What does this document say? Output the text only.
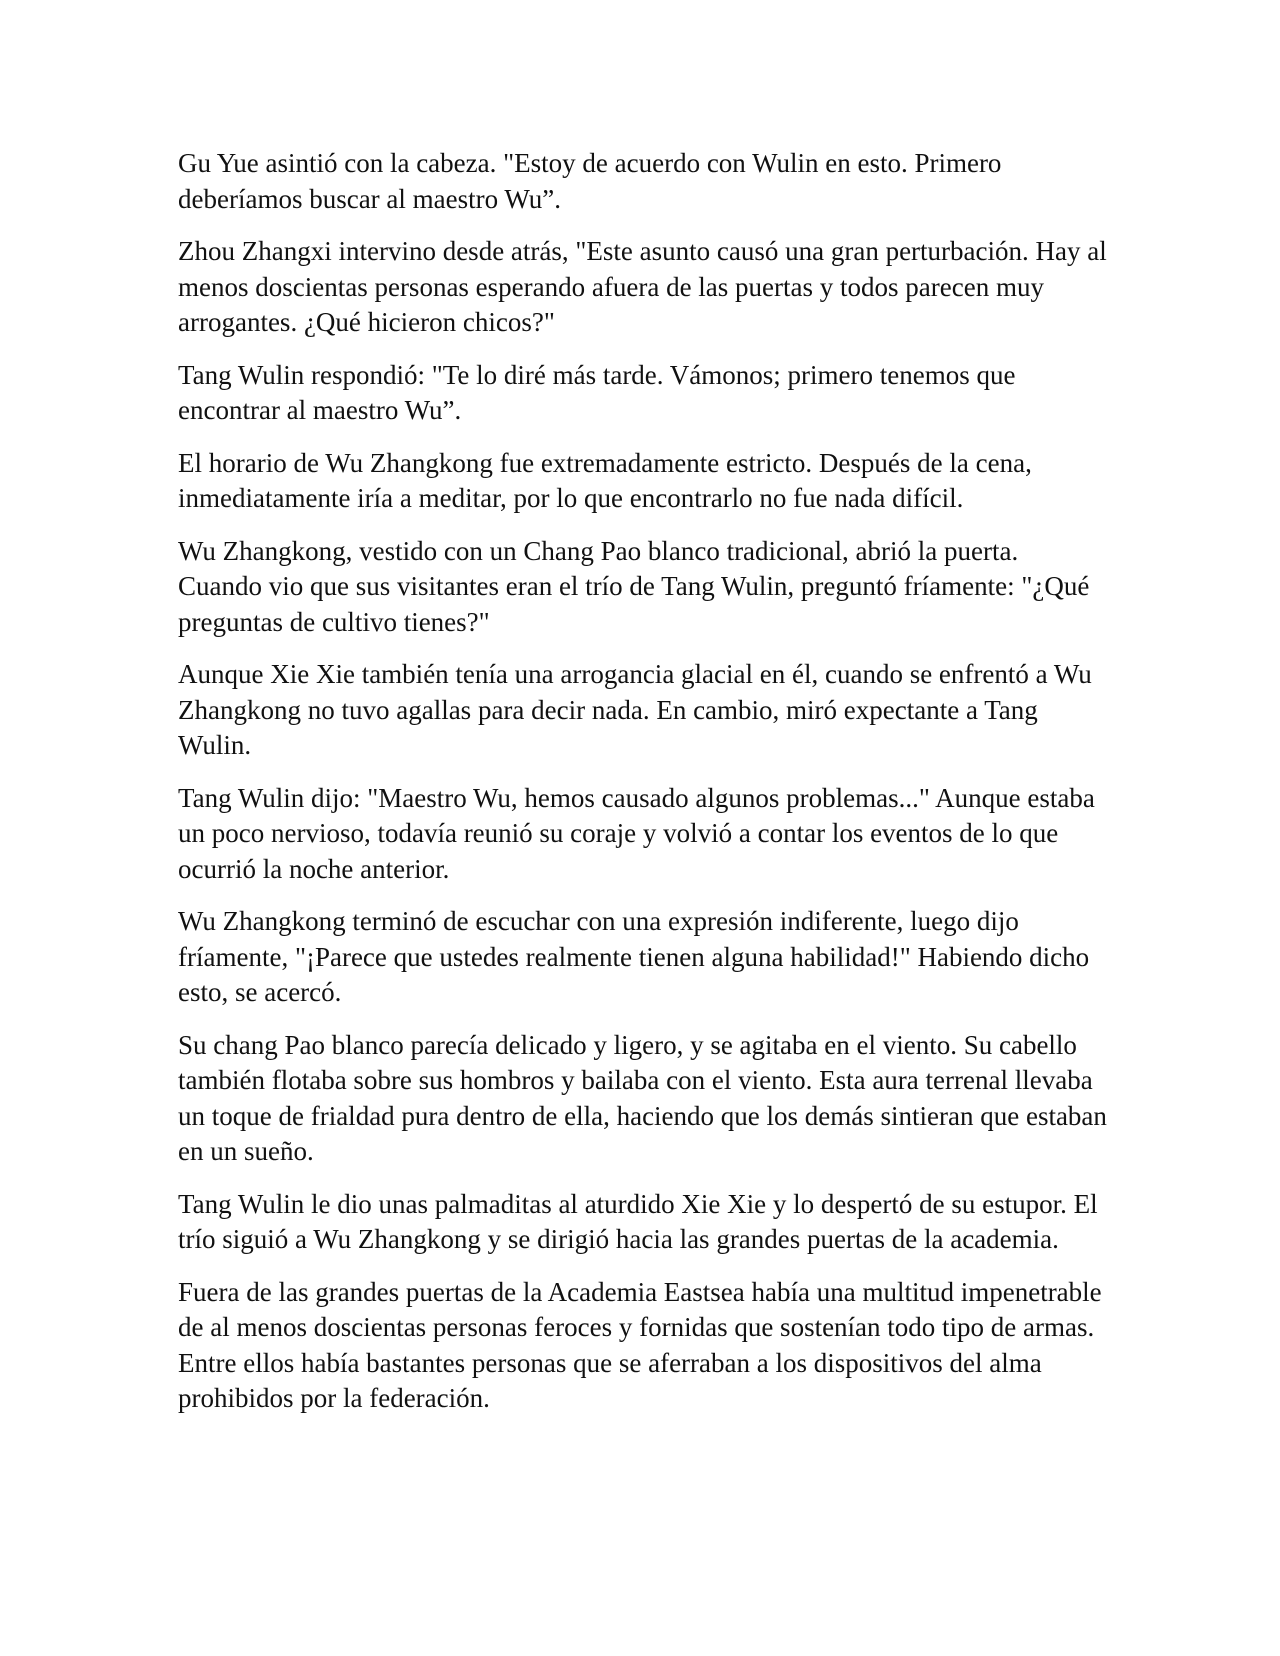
Gu Yue asintió con la cabeza. "Estoy de acuerdo con Wulin en esto. Primero deberíamos buscar al maestro Wu”.

Zhou Zhangxi intervino desde atrás, "Este asunto causó una gran perturbación. Hay al menos doscientas personas esperando afuera de las puertas y todos parecen muy arrogantes. ¿Qué hicieron chicos?"

Tang Wulin respondió: "Te lo diré más tarde. Vámonos; primero tenemos que encontrar al maestro Wu”.

El horario de Wu Zhangkong fue extremadamente estricto. Después de la cena, inmediatamente iría a meditar, por lo que encontrarlo no fue nada difícil.

Wu Zhangkong, vestido con un Chang Pao blanco tradicional, abrió la puerta. Cuando vio que sus visitantes eran el trío de Tang Wulin, preguntó fríamente: "¿Qué preguntas de cultivo tienes?"

Aunque Xie Xie también tenía una arrogancia glacial en él, cuando se enfrentó a Wu Zhangkong no tuvo agallas para decir nada. En cambio, miró expectante a Tang Wulin.

Tang Wulin dijo: "Maestro Wu, hemos causado algunos problemas..." Aunque estaba un poco nervioso, todavía reunió su coraje y volvió a contar los eventos de lo que ocurrió la noche anterior.

Wu Zhangkong terminó de escuchar con una expresión indiferente, luego dijo fríamente, "¡Parece que ustedes realmente tienen alguna habilidad!" Habiendo dicho esto, se acercó.

Su chang Pao blanco parecía delicado y ligero, y se agitaba en el viento. Su cabello también flotaba sobre sus hombros y bailaba con el viento. Esta aura terrenal llevaba un toque de frialdad pura dentro de ella, haciendo que los demás sintieran que estaban en un sueño.

Tang Wulin le dio unas palmaditas al aturdido Xie Xie y lo despertó de su estupor. El trío siguió a Wu Zhangkong y se dirigió hacia las grandes puertas de la academia.

Fuera de las grandes puertas de la Academia Eastsea había una multitud impenetrable de al menos doscientas personas feroces y fornidas que sostenían todo tipo de armas. Entre ellos había bastantes personas que se aferraban a los dispositivos del alma prohibidos por la federación.
